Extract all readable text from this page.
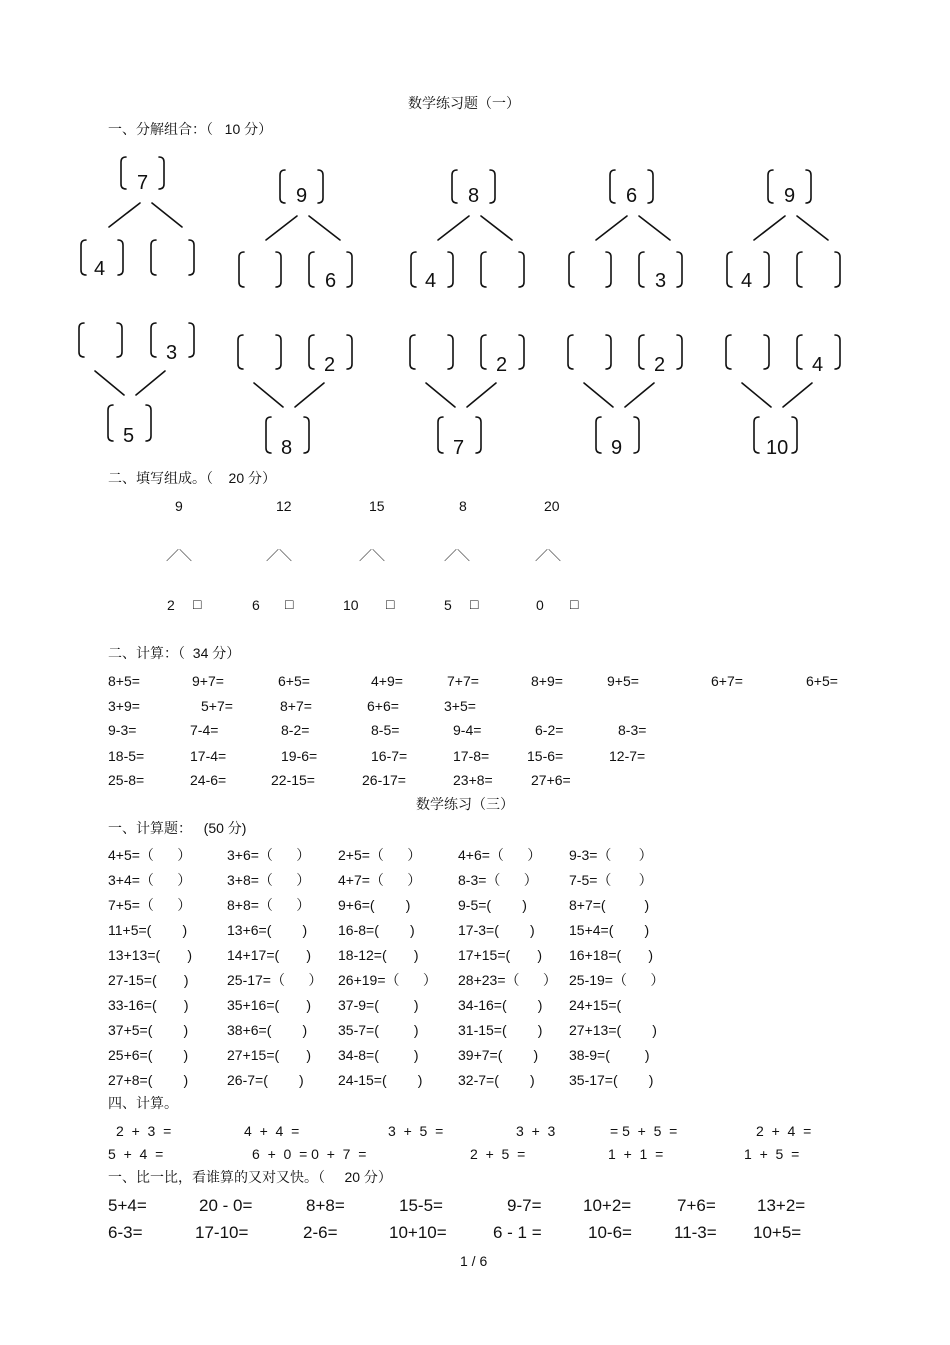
数学练习题（一）
一、分解组合：（   10 分）
7
4
9
6
8
4
6
3
9
4
3
5
2
8
2
7
2
9
4
10
二、填写组成。（    20 分）
9	12	15	8	20
／＼	／＼	／＼	／＼	／＼
2 □	6 □	10 □	5 □	0 □
二、计算：（  34 分）
8+5=	9+7=	6+5=	4+9=	7+7=	8+9=	9+5=	6+7=	6+5=
3+9=	5+7=	8+7=	6+6=	3+5=
9-3=	7-4=	8-2=	8-5=	9-4=	6-2=	8-3=
18-5=	17-4=	19-6=	16-7=	17-8=	15-6=	12-7=
25-8=	24-6=	22-15=	26-17=	23+8=	27+6=
数学练习（三）
一、计算题：   (50 分)
4+5=（      ）	3+6=（      ） 2+5=（      ）	4+6=（      ） 9-3=（       ）
3+4=（      ）	3+8=（      ） 4+7=（      ）	8-3=（      ） 7-5=（       ）
7+5=（      ）	8+8=（      ） 9+6=(        )	9-5=(        )	8+7=(          )
11+5=(        )	13+6=(        ) 16-8=(        )	17-3=(        ) 15+4=(        )
13+13=(       ) 14+17=(       ) 18-12=(       )	17+15=(       ) 16+18=(       )
27-15=(       )	25-17=（      ） 26+19=（      ） 28+23=（      ） 25-19=（      ）
33-16=(       )	35+16=(       ) 37-9=(         )	34-16=(        ) 24+15=(
37+5=(        )	38+6=(        ) 35-7=(         )	31-15=(        ) 27+13=(        )
25+6=(        )	27+15=(       ) 34-8=(         )	39+7=(        ) 38-9=(         )
27+8=(        )	26-7=(        ) 24-15=(        )	32-7=(        ) 35-17=(        )
四、计算。
2  +  3  =	4  +  4  =	3  +  5  =	3  +  3	= 5  +  5  =	2  +  4  =
5  +  4  =	6  +  0  = 0  +  7  =	2  +  5  =	1  +  1  =	1  +  5  =
一、比一比，看谁算的又对又快。（     20 分）
5+4=	20 - 0=	8+8=	15-5=	9-7= 10+2=	7+6= 13+2=
6-3=	17-10=	2-6=	10+10=	6 - 1 =	10-6= 11-3= 10+5=
1 / 6
